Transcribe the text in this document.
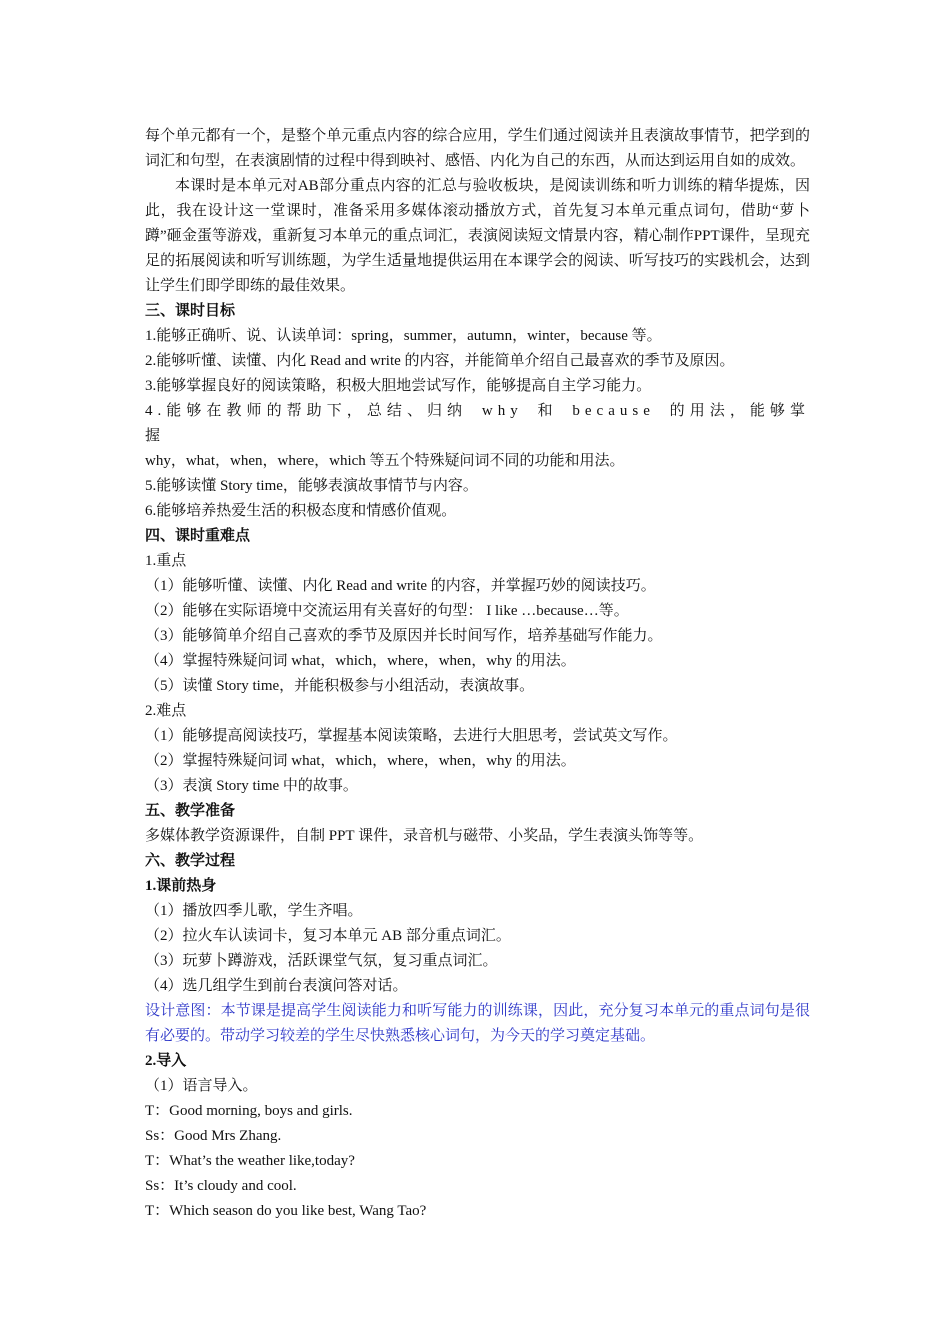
每个单元都有一个，是整个单元重点内容的综合应用，学生们通过阅读并且表演故事情节，把学到的词汇和句型，在表演剧情的过程中得到映衬、感悟、内化为自己的东西，从而达到运用自如的成效。

本课时是本单元对AB部分重点内容的汇总与验收板块，是阅读训练和听力训练的精华提炼，因此，我在设计这一堂课时，准备采用多媒体滚动播放方式，首先复习本单元重点词句，借助“萝卜蹲”砸金蛋等游戏，重新复习本单元的重点词汇，表演阅读短文情景内容，精心制作PPT课件，呈现充足的拓展阅读和听写训练题，为学生适量地提供运用在本课学会的阅读、听写技巧的实践机会，达到让学生们即学即练的最佳效果。

三、课时目标

1.能够正确听、说、认读单词：spring，summer，autumn，winter，because 等。

2.能够听懂、读懂、内化 Read and write 的内容，并能简单介绍自己最喜欢的季节及原因。

3.能够掌握良好的阅读策略，积极大胆地尝试写作，能够提高自主学习能力。

4.能够在教师的帮助下，总结、归纳 why 和 because 的用法，能够掌握

why，what，when，where，which 等五个特殊疑问词不同的功能和用法。

5.能够读懂 Story time，能够表演故事情节与内容。

6.能够培养热爱生活的积极态度和情感价值观。

四、课时重难点

1.重点

（1）能够听懂、读懂、内化 Read and write 的内容，并掌握巧妙的阅读技巧。

（2）能够在实际语境中交流运用有关喜好的句型： I like …because…等。

（3）能够简单介绍自己喜欢的季节及原因并长时间写作，培养基础写作能力。

（4）掌握特殊疑问词 what，which，where，when，why 的用法。

（5）读懂 Story time，并能积极参与小组活动，表演故事。

2.难点

（1）能够提高阅读技巧，掌握基本阅读策略，去进行大胆思考，尝试英文写作。

（2）掌握特殊疑问词 what，which，where，when，why 的用法。

（3）表演 Story time 中的故事。

五、教学准备

多媒体教学资源课件，自制 PPT 课件，录音机与磁带、小奖品，学生表演头饰等等。

六、教学过程

1.课前热身

（1）播放四季儿歌，学生齐唱。

（2）拉火车认读词卡，复习本单元 AB 部分重点词汇。

（3）玩萝卜蹲游戏，活跃课堂气氛，复习重点词汇。

（4）选几组学生到前台表演问答对话。

设计意图：本节课是提高学生阅读能力和听写能力的训练课，因此，充分复习本单元的重点词句是很有必要的。带动学习较差的学生尽快熟悉核心词句，为今天的学习奠定基础。

2.导入

（1）语言导入。

T：Good morning, boys and girls.

Ss：Good Mrs Zhang.

T：What’s the weather like,today?

Ss：It’s cloudy and cool.

T：Which season do you like best, Wang Tao?
